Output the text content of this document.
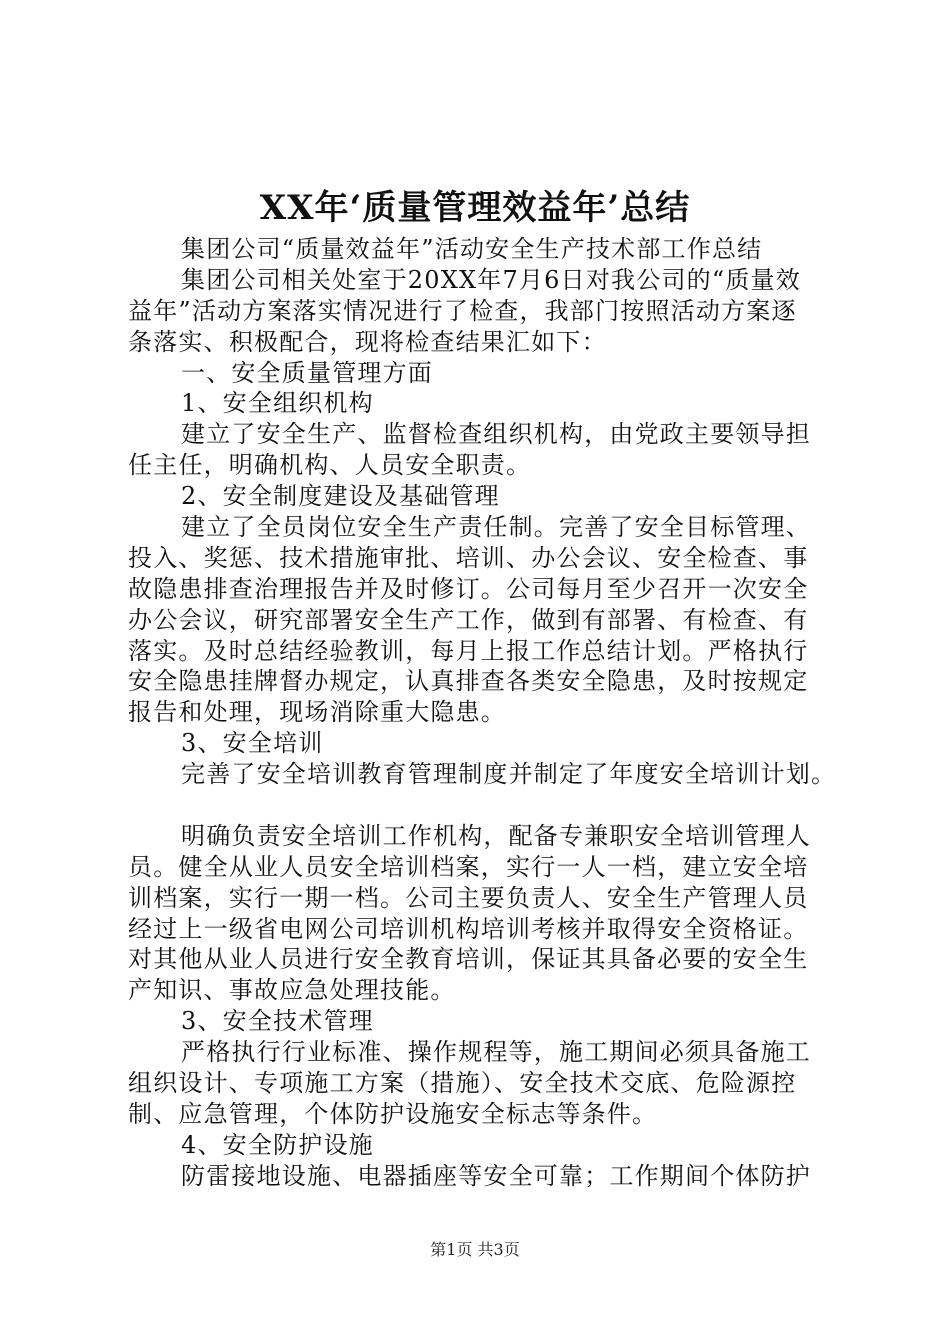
XX年‘质量管理效益年’总结
集团公司“质量效益年”活动安全生产技术部工作总结
集团公司相关处室于20XX年7月6日对我公司的“质量效
益年”活动方案落实情况进行了检查，我部门按照活动方案逐
条落实、积极配合，现将检查结果汇如下：
一、安全质量管理方面
1、安全组织机构
建立了安全生产、监督检查组织机构，由党政主要领导担
任主任，明确机构、人员安全职责。
2、安全制度建设及基础管理
建立了全员岗位安全生产责任制。完善了安全目标管理、
投入、奖惩、技术措施审批、培训、办公会议、安全检查、事
故隐患排查治理报告并及时修订。公司每月至少召开一次安全
办公会议，研究部署安全生产工作，做到有部署、有检查、有
落实。及时总结经验教训，每月上报工作总结计划。严格执行
安全隐患挂牌督办规定，认真排查各类安全隐患，及时按规定
报告和处理，现场消除重大隐患。
3、安全培训
完善了安全培训教育管理制度并制定了年度安全培训计划。
明确负责安全培训工作机构，配备专兼职安全培训管理人
员。健全从业人员安全培训档案，实行一人一档，建立安全培
训档案，实行一期一档。公司主要负责人、安全生产管理人员
经过上一级省电网公司培训机构培训考核并取得安全资格证。
对其他从业人员进行安全教育培训，保证其具备必要的安全生
产知识、事故应急处理技能。
3、安全技术管理
严格执行行业标准、操作规程等，施工期间必须具备施工
组织设计、专项施工方案（措施）、安全技术交底、危险源控
制、应急管理，个体防护设施安全标志等条件。
4、安全防护设施
防雷接地设施、电器插座等安全可靠；工作期间个体防护
第1页 共3页
